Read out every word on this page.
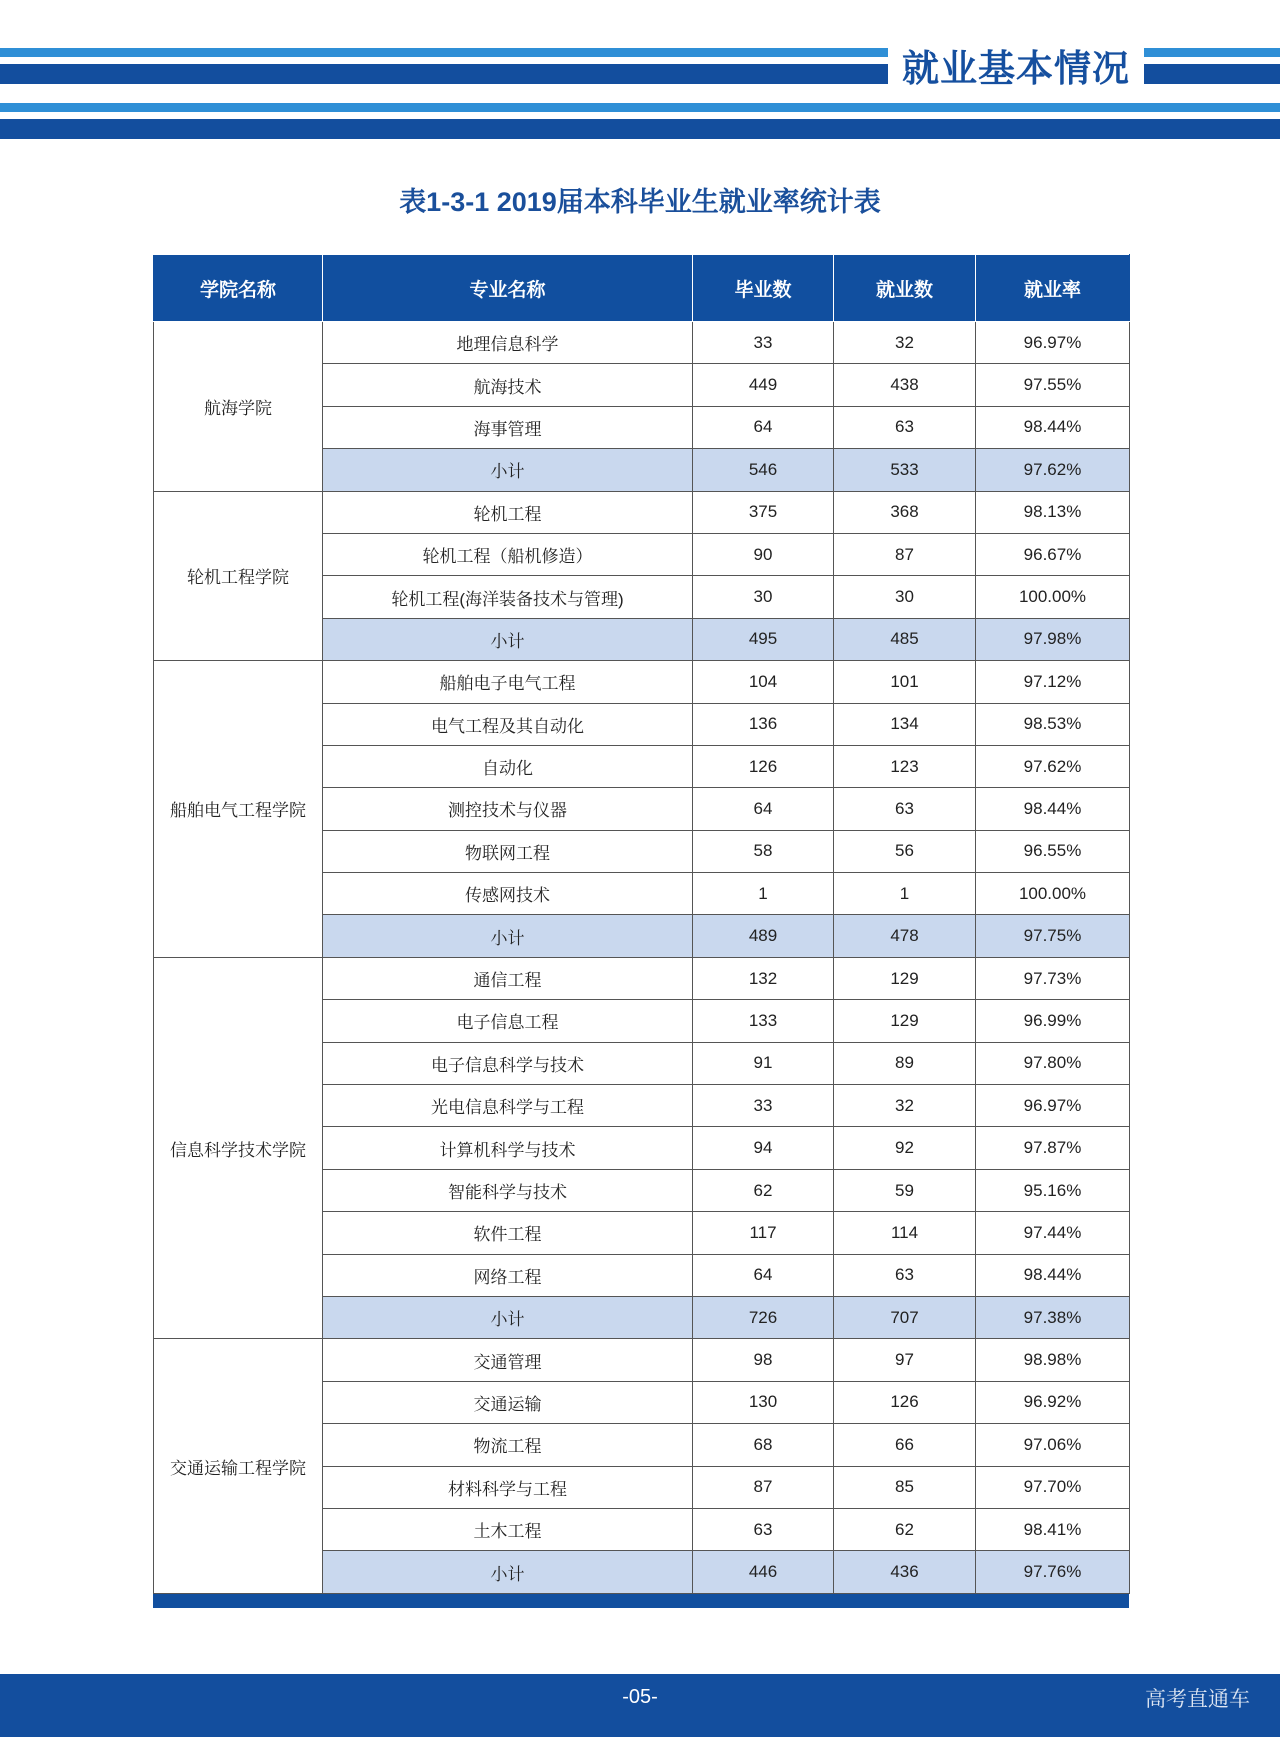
就业基本情况
表1-3-1 2019届本科毕业生就业率统计表
学院名称	专业名称	毕业数	就业数	就业率
航海学院	地理信息科学	33	32	96.97%
	航海技术	449	438	97.55%
	海事管理	64	63	98.44%
	小计	546	533	97.62%
轮机工程学院	轮机工程	375	368	98.13%
	轮机工程（船机修造）	90	87	96.67%
	轮机工程(海洋装备技术与管理)	30	30	100.00%
	小计	495	485	97.98%
船舶电气工程学院	船舶电子电气工程	104	101	97.12%
	电气工程及其自动化	136	134	98.53%
	自动化	126	123	97.62%
	测控技术与仪器	64	63	98.44%
	物联网工程	58	56	96.55%
	传感网技术	1	1	100.00%
	小计	489	478	97.75%
信息科学技术学院	通信工程	132	129	97.73%
	电子信息工程	133	129	96.99%
	电子信息科学与技术	91	89	97.80%
	光电信息科学与工程	33	32	96.97%
	计算机科学与技术	94	92	97.87%
	智能科学与技术	62	59	95.16%
	软件工程	117	114	97.44%
	网络工程	64	63	98.44%
	小计	726	707	97.38%
交通运输工程学院	交通管理	98	97	98.98%
	交通运输	130	126	96.92%
	物流工程	68	66	97.06%
	材料科学与工程	87	85	97.70%
	土木工程	63	62	98.41%
	小计	446	436	97.76%
-05-	高考直通车
